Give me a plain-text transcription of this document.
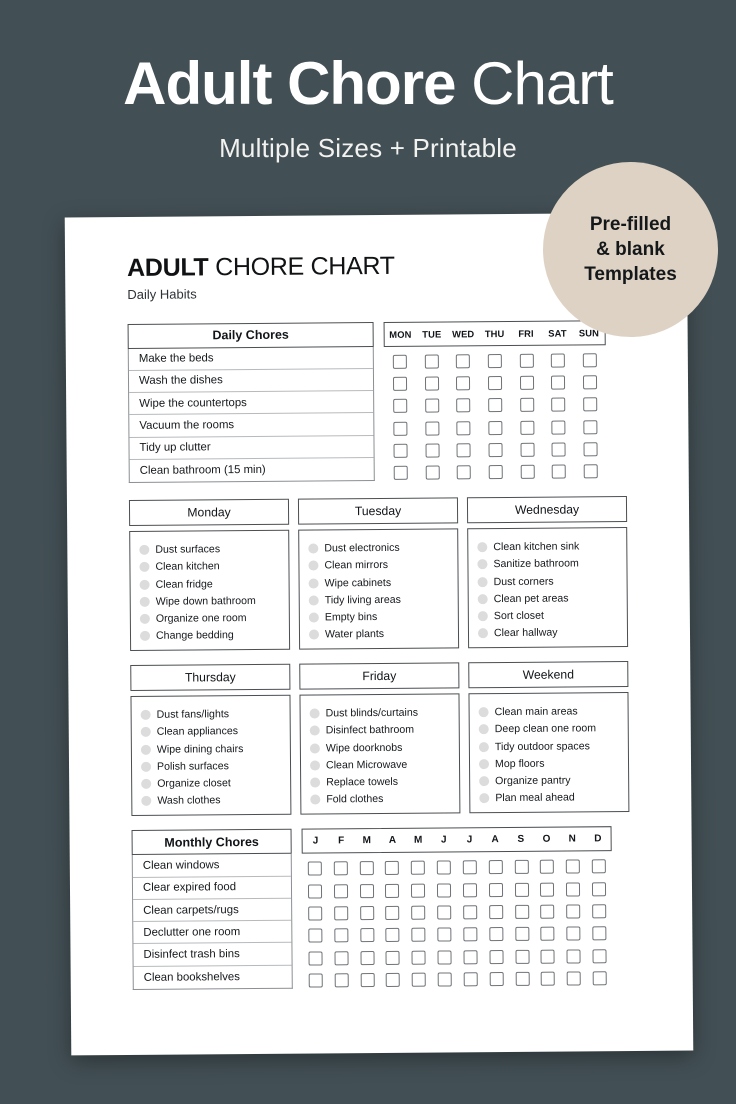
Adult Chore Chart
Multiple Sizes + Printable
Pre-filled
& blank
Templates
ADULT CHORE CHART
Daily Habits
Daily Chores
Make the beds
Wash the dishes
Wipe the countertops
Vacuum the rooms
Tidy up clutter
Clean bathroom (15 min)
MON	TUE	WED	THU	FRI	SAT	SUN
Monday
Dust surfaces
Clean kitchen
Clean fridge
Wipe down bathroom
Organize one room
Change bedding
Tuesday
Dust electronics
Clean mirrors
Wipe cabinets
Tidy living areas
Empty bins
Water plants
Wednesday
Clean kitchen sink
Sanitize bathroom
Dust corners
Clean pet areas
Sort closet
Clear hallway
Thursday
Dust fans/lights
Clean appliances
Wipe dining chairs
Polish surfaces
Organize closet
Wash clothes
Friday
Dust blinds/curtains
Disinfect bathroom
Wipe doorknobs
Clean Microwave
Replace towels
Fold clothes
Weekend
Clean main areas
Deep clean one room
Tidy outdoor spaces
Mop floors
Organize pantry
Plan meal ahead
Monthly Chores
Clean windows
Clear expired food
Clean carpets/rugs
Declutter one room
Disinfect trash bins
Clean bookshelves
J	F	M	A	M	J	J	A	S	O	N	D
